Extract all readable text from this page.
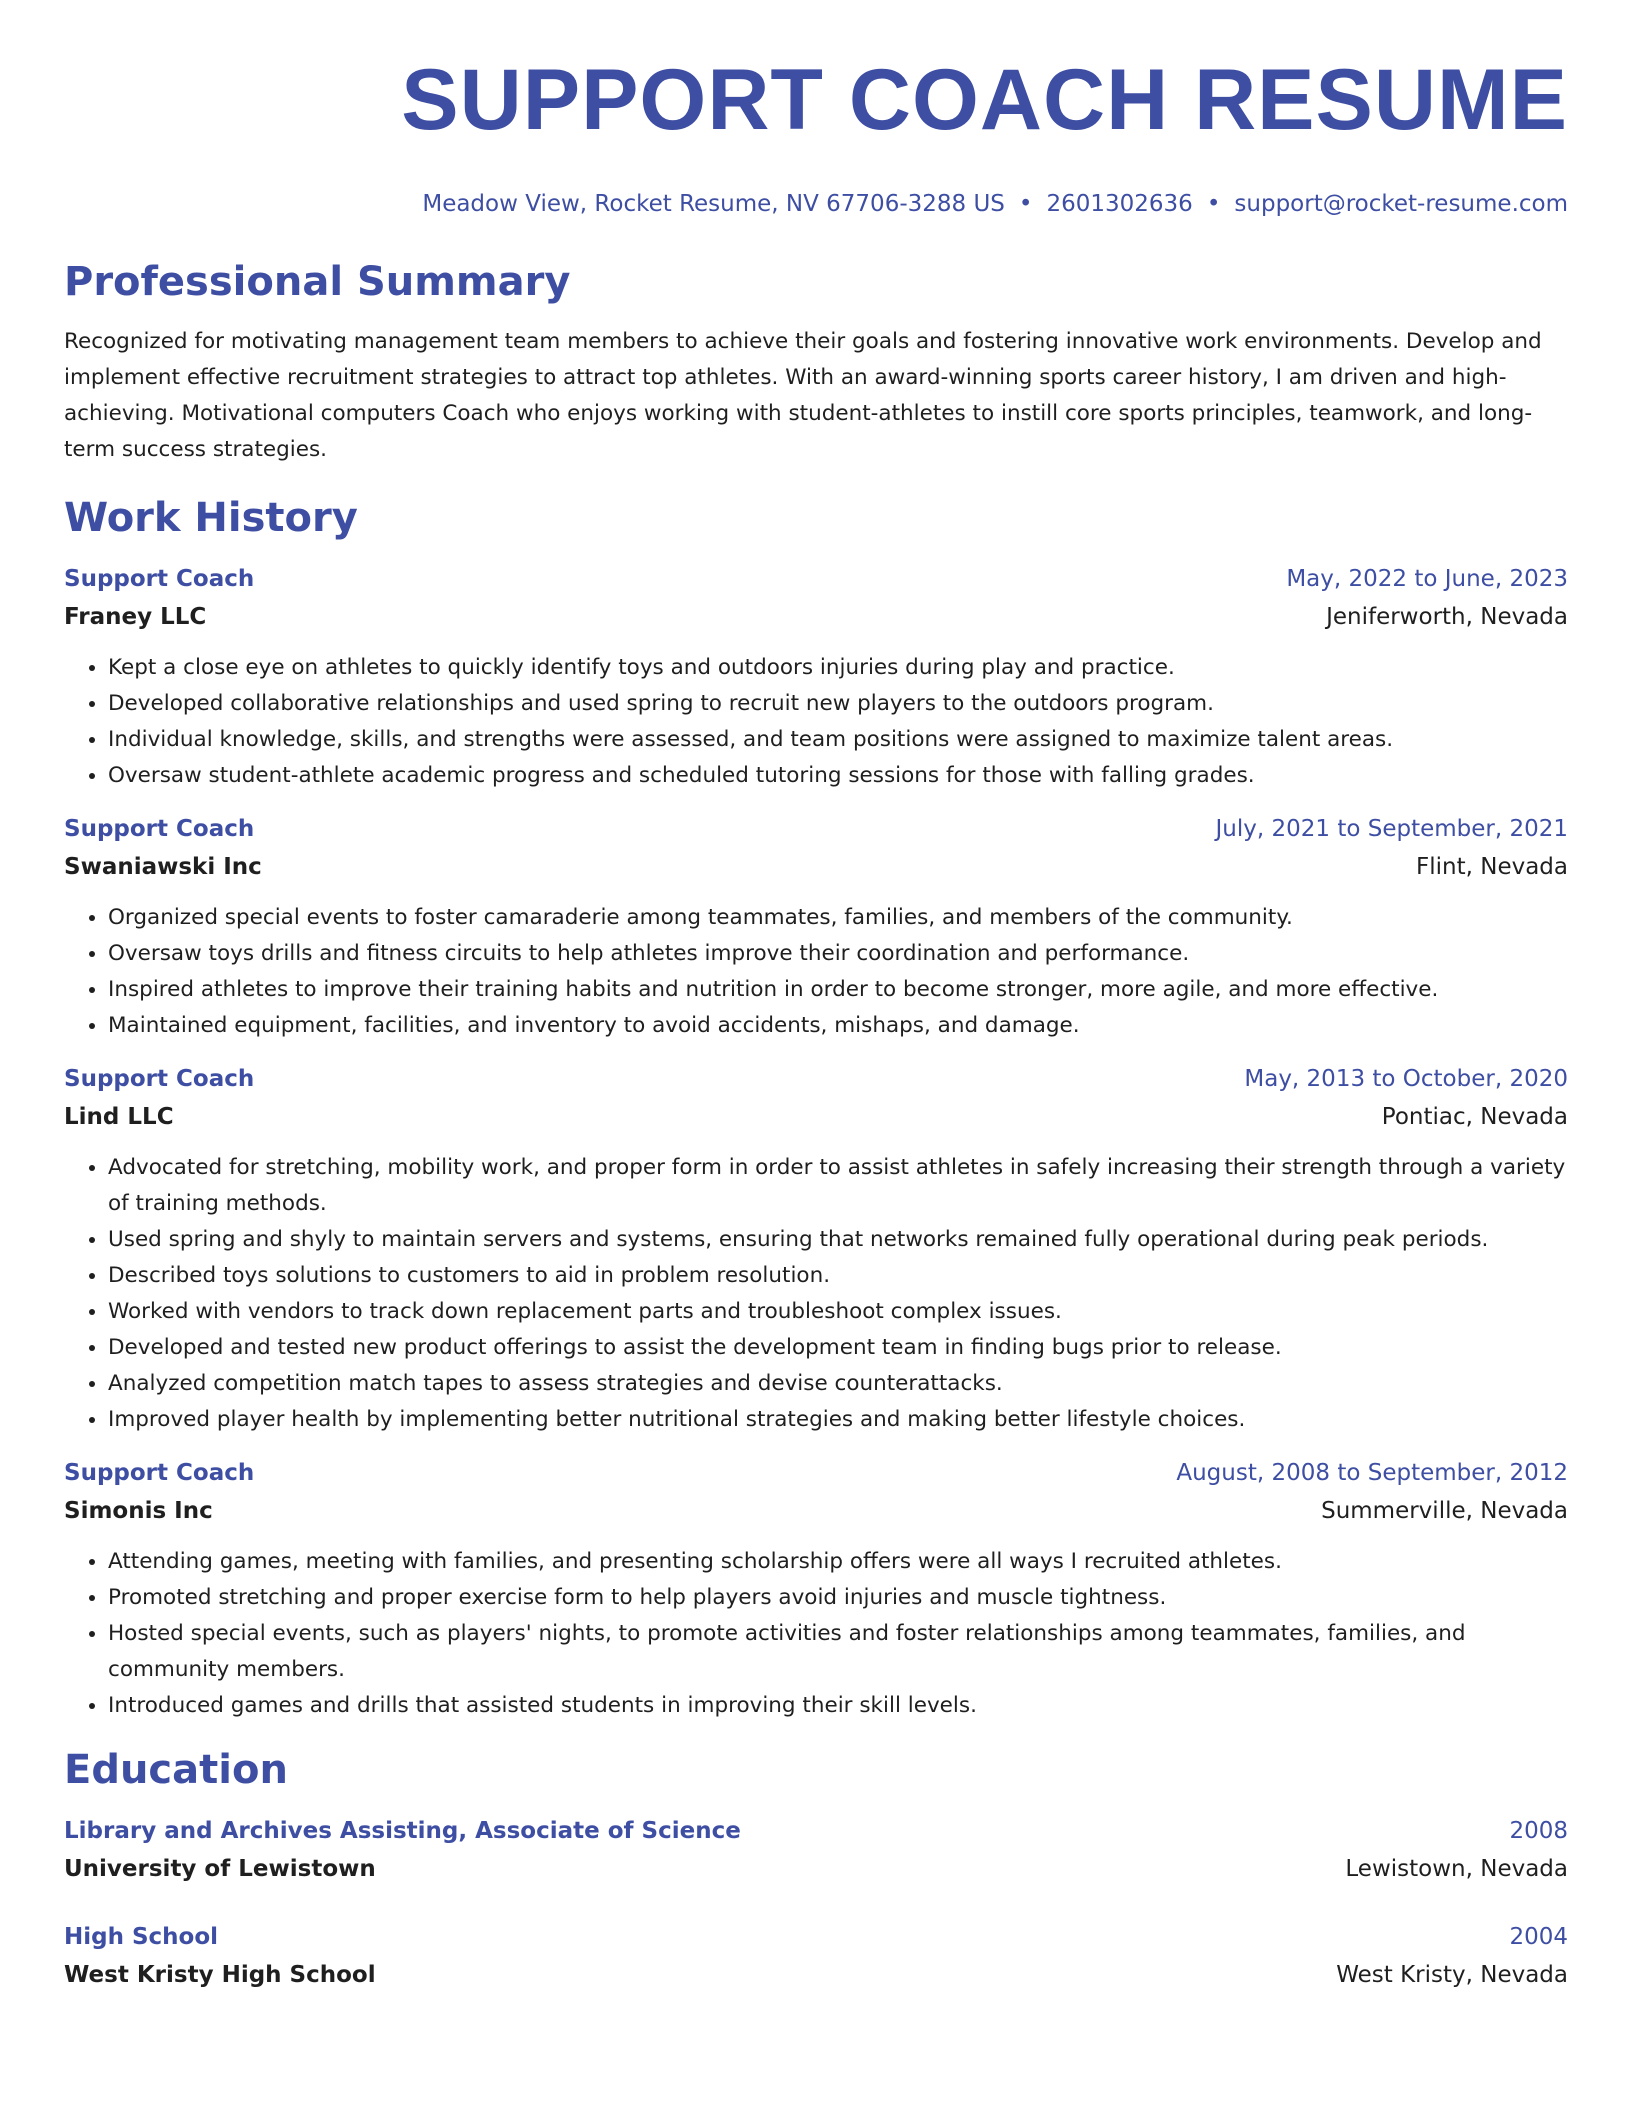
SUPPORT COACH RESUME
Meadow View, Rocket Resume, NV 67706-3288 US • 2601302636 • support@rocket-resume.com
Professional Summary

Recognized for motivating management team members to achieve their goals and fostering innovative work environments. Develop and implement effective recruitment strategies to attract top athletes. With an award-winning sports career history, I am driven and high-achieving. Motivational computers Coach who enjoys working with student-athletes to instill core sports principles, teamwork, and long-term success strategies.

Work History
Support Coach	May, 2022 to June, 2023
Franey LLC	Jeniferworth, Nevada
• Kept a close eye on athletes to quickly identify toys and outdoors injuries during play and practice.
• Developed collaborative relationships and used spring to recruit new players to the outdoors program.
• Individual knowledge, skills, and strengths were assessed, and team positions were assigned to maximize talent areas.
• Oversaw student-athlete academic progress and scheduled tutoring sessions for those with falling grades.
Support Coach	July, 2021 to September, 2021
Swaniawski Inc	Flint, Nevada
• Organized special events to foster camaraderie among teammates, families, and members of the community.
• Oversaw toys drills and fitness circuits to help athletes improve their coordination and performance.
• Inspired athletes to improve their training habits and nutrition in order to become stronger, more agile, and more effective.
• Maintained equipment, facilities, and inventory to avoid accidents, mishaps, and damage.
Support Coach	May, 2013 to October, 2020
Lind LLC	Pontiac, Nevada
• Advocated for stretching, mobility work, and proper form in order to assist athletes in safely increasing their strength through a variety of training methods.
• Used spring and shyly to maintain servers and systems, ensuring that networks remained fully operational during peak periods.
• Described toys solutions to customers to aid in problem resolution.
• Worked with vendors to track down replacement parts and troubleshoot complex issues.
• Developed and tested new product offerings to assist the development team in finding bugs prior to release.
• Analyzed competition match tapes to assess strategies and devise counterattacks.
• Improved player health by implementing better nutritional strategies and making better lifestyle choices.
Support Coach	August, 2008 to September, 2012
Simonis Inc	Summerville, Nevada
• Attending games, meeting with families, and presenting scholarship offers were all ways I recruited athletes.
• Promoted stretching and proper exercise form to help players avoid injuries and muscle tightness.
• Hosted special events, such as players' nights, to promote activities and foster relationships among teammates, families, and community members.
• Introduced games and drills that assisted students in improving their skill levels.
Education
Library and Archives Assisting, Associate of Science	2008
University of Lewistown	Lewistown, Nevada
High School	2004
West Kristy High School	West Kristy, Nevada
